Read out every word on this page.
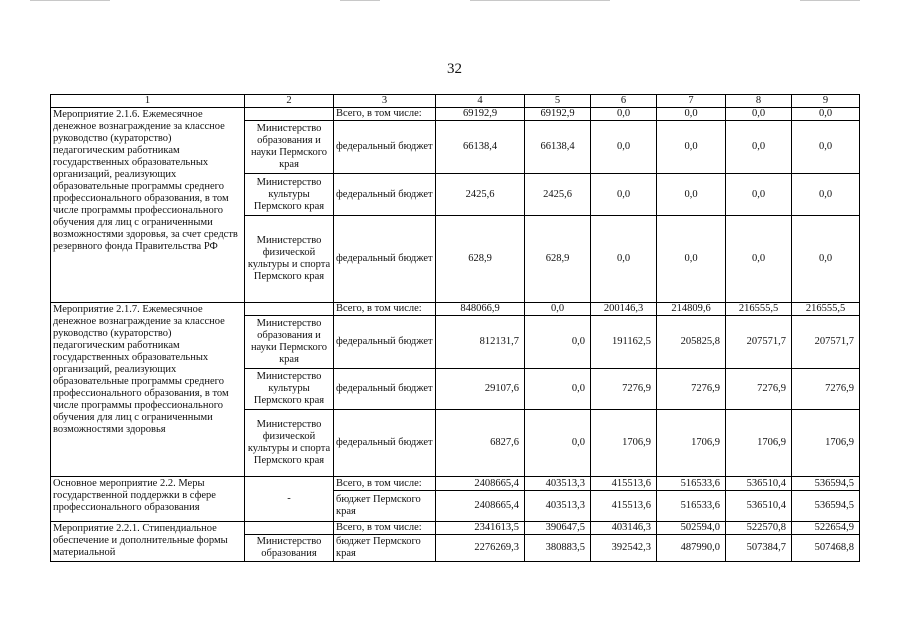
32
1	2	3	4	5	6	7	8	9
Мероприятие 2.1.6. Ежемесячное денежное вознаграждение за классное руководство (кураторство) педагогическим работникам государственных образовательных организаций, реализующих образовательные программы среднего профессионального образования, в том числе программы профессионального обучения для лиц с ограниченными возможностями здоровья, за счет средств резервного фонда Правительства РФ		Всего, в том числе:	69192,9	69192,9	0,0	0,0	0,0	0,0
	Министерство образования и науки Пермского края	федеральный бюджет	66138,4	66138,4	0,0	0,0	0,0	0,0
	Министерство культуры Пермского края	федеральный бюджет	2425,6	2425,6	0,0	0,0	0,0	0,0
	Министерство физической культуры и спорта Пермского края	федеральный бюджет	628,9	628,9	0,0	0,0	0,0	0,0
Мероприятие 2.1.7. Ежемесячное денежное вознаграждение за классное руководство (кураторство) педагогическим работникам государственных образовательных организаций, реализующих образовательные программы среднего профессионального образования, в том числе программы профессионального обучения для лиц с ограниченными возможностями здоровья		Всего, в том числе:	848066,9	0,0	200146,3	214809,6	216555,5	216555,5
	Министерство образования и науки Пермского края	федеральный бюджет	812131,7	0,0	191162,5	205825,8	207571,7	207571,7
	Министерство культуры Пермского края	федеральный бюджет	29107,6	0,0	7276,9	7276,9	7276,9	7276,9
	Министерство физической культуры и спорта Пермского края	федеральный бюджет	6827,6	0,0	1706,9	1706,9	1706,9	1706,9
Основное мероприятие 2.2. Меры государственной поддержки в сфере профессионального образования	-	Всего, в том числе:	2408665,4	403513,3	415513,6	516533,6	536510,4	536594,5
		бюджет Пермского края	2408665,4	403513,3	415513,6	516533,6	536510,4	536594,5
Мероприятие 2.2.1. Стипендиальное обеспечение и дополнительные формы материальной		Всего, в том числе:	2341613,5	390647,5	403146,3	502594,0	522570,8	522654,9
	Министерство образования	бюджет Пермского края	2276269,3	380883,5	392542,3	487990,0	507384,7	507468,8
